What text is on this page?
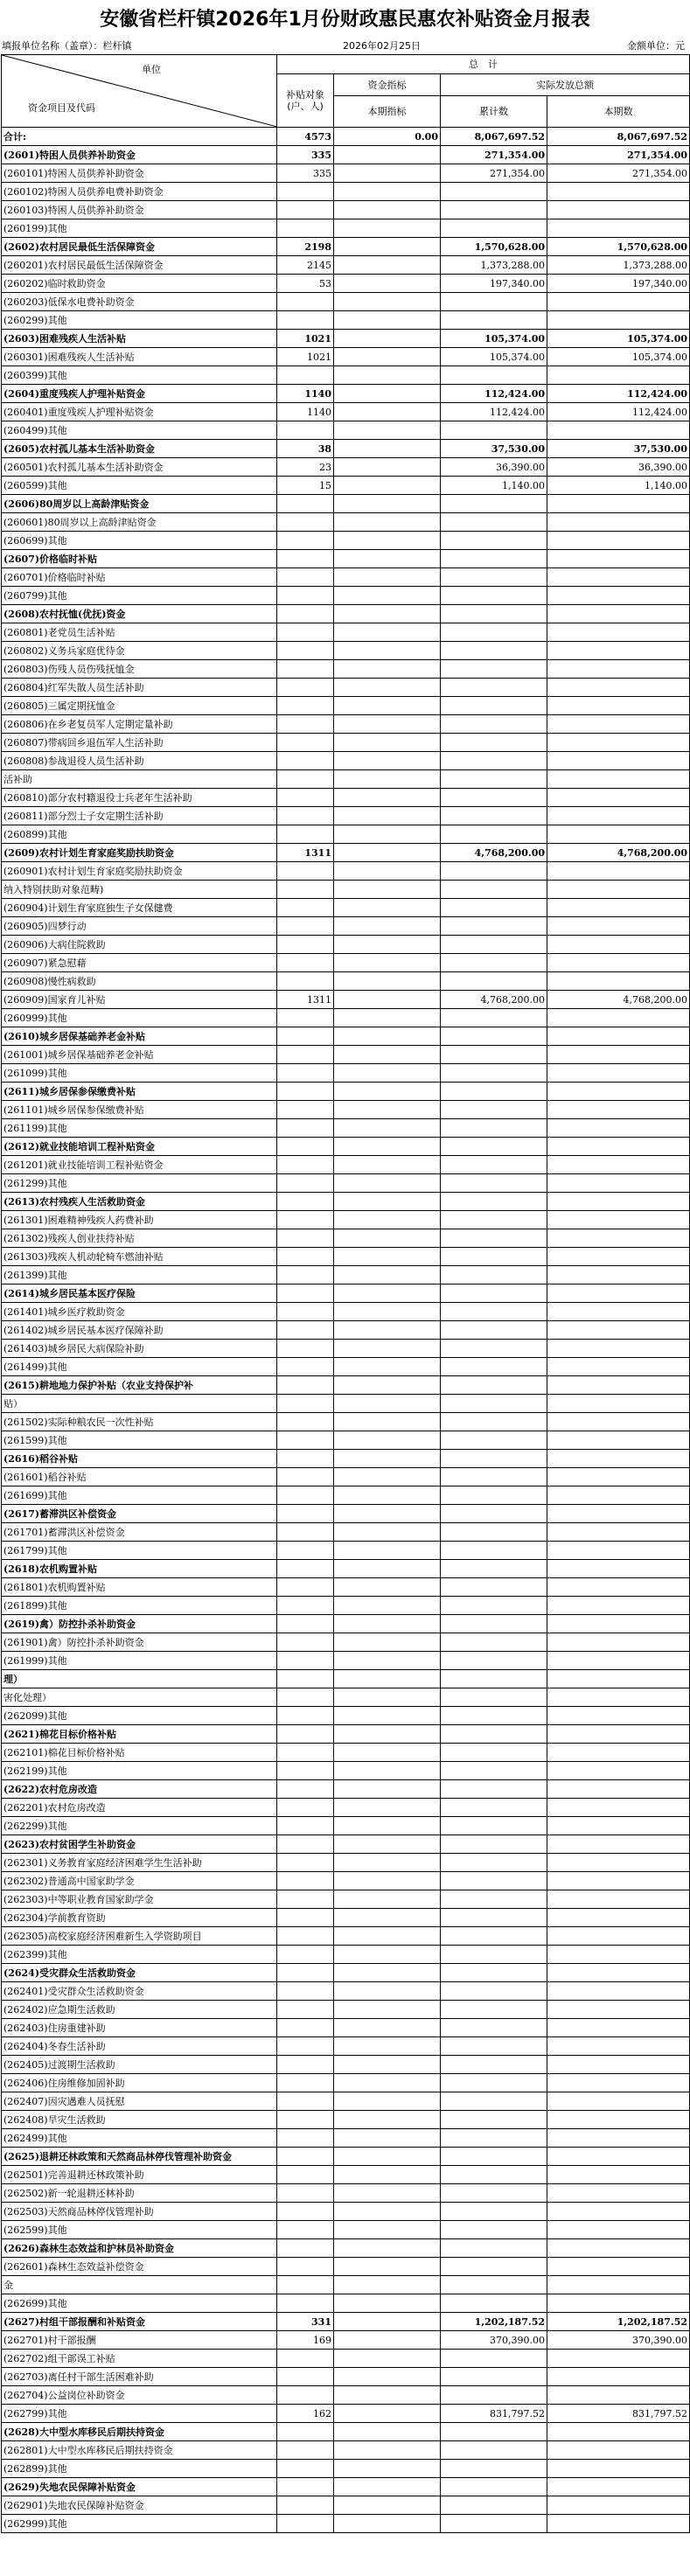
安徽省栏杆镇2026年1月份财政惠民惠农补贴资金月报表
填报单位名称（盖章）：栏杆镇	2026年02月25日	金额单位：元
单位
资金项目及代码	总　计			
	补贴对象(户、人)	资金指标	实际发放总额	
		本期指标	累计数	本期数
合计:	4573	0.00	8,067,697.52	8,067,697.52
(2601)特困人员供养补助资金	335		271,354.00	271,354.00
(260101)特困人员供养补助资金	335		271,354.00	271,354.00
(260102)特困人员供养电费补助资金				
(260103)特困人员供养补助资金				
(260199)其他				
(2602)农村居民最低生活保障资金	2198		1,570,628.00	1,570,628.00
(260201)农村居民最低生活保障资金	2145		1,373,288.00	1,373,288.00
(260202)临时救助资金	53		197,340.00	197,340.00
(260203)低保水电费补助资金				
(260299)其他				
(2603)困难残疾人生活补贴	1021		105,374.00	105,374.00
(260301)困难残疾人生活补贴	1021		105,374.00	105,374.00
(260399)其他				
(2604)重度残疾人护理补贴资金	1140		112,424.00	112,424.00
(260401)重度残疾人护理补贴资金	1140		112,424.00	112,424.00
(260499)其他				
(2605)农村孤儿基本生活补助资金	38		37,530.00	37,530.00
(260501)农村孤儿基本生活补助资金	23		36,390.00	36,390.00
(260599)其他	15		1,140.00	1,140.00
(2606)80周岁以上高龄津贴资金				
(260601)80周岁以上高龄津贴资金				
(260699)其他				
(2607)价格临时补贴				
(260701)价格临时补贴				
(260799)其他				
(2608)农村抚恤(优抚)资金				
(260801)老党员生活补贴				
(260802)义务兵家庭优待金				
(260803)伤残人员伤残抚恤金				
(260804)红军失散人员生活补助				
(260805)三属定期抚恤金				
(260806)在乡老复员军人定期定量补助				
(260807)带病回乡退伍军人生活补助				
(260808)参战退役人员生活补助				
活补助				
(260810)部分农村籍退役士兵老年生活补助				
(260811)部分烈士子女定期生活补助				
(260899)其他				
(2609)农村计划生育家庭奖励扶助资金	1311		4,768,200.00	4,768,200.00
(260901)农村计划生育家庭奖励扶助资金				
纳入特别扶助对象范畴)				
(260904)计划生育家庭独生子女保健费				
(260905)四梦行动				
(260906)大病住院救助				
(260907)紧急慰藉				
(260908)慢性病救助				
(260909)国家育儿补贴	1311		4,768,200.00	4,768,200.00
(260999)其他				
(2610)城乡居保基础养老金补贴				
(261001)城乡居保基础养老金补贴				
(261099)其他				
(2611)城乡居保参保缴费补贴				
(261101)城乡居保参保缴费补贴				
(261199)其他				
(2612)就业技能培训工程补贴资金				
(261201)就业技能培训工程补贴资金				
(261299)其他				
(2613)农村残疾人生活救助资金				
(261301)困难精神残疾人药费补助				
(261302)残疾人创业扶持补贴				
(261303)残疾人机动轮椅车燃油补贴				
(261399)其他				
(2614)城乡居民基本医疗保险				
(261401)城乡医疗救助资金				
(261402)城乡居民基本医疗保障补助				
(261403)城乡居民大病保险补助				
(261499)其他				
(2615)耕地地力保护补贴（农业支持保护补				
贴）				
(261502)实际种粮农民一次性补贴				
(261599)其他				
(2616)稻谷补贴				
(261601)稻谷补贴				
(261699)其他				
(2617)蓄滞洪区补偿资金				
(261701)蓄滞洪区补偿资金				
(261799)其他				
(2618)农机购置补贴				
(261801)农机购置补贴				
(261899)其他				
(2619)禽）防控扑杀补助资金				
(261901)禽）防控扑杀补助资金				
(261999)其他				
理）				
害化处理）				
(262099)其他				
(2621)棉花目标价格补贴				
(262101)棉花目标价格补贴				
(262199)其他				
(2622)农村危房改造				
(262201)农村危房改造				
(262299)其他				
(2623)农村贫困学生补助资金				
(262301)义务教育家庭经济困难学生生活补助				
(262302)普通高中国家助学金				
(262303)中等职业教育国家助学金				
(262304)学前教育资助				
(262305)高校家庭经济困难新生入学资助项目				
(262399)其他				
(2624)受灾群众生活救助资金				
(262401)受灾群众生活救助资金				
(262402)应急期生活救助				
(262403)住房重建补助				
(262404)冬春生活补助				
(262405)过渡期生活救助				
(262406)住房维修加固补助				
(262407)因灾遇难人员抚慰				
(262408)旱灾生活救助				
(262499)其他				
(2625)退耕还林政策和天然商品林停伐管理补助资金				
(262501)完善退耕还林政策补助				
(262502)新一轮退耕还林补助				
(262503)天然商品林停伐管理补助				
(262599)其他				
(2626)森林生态效益和护林员补助资金				
(262601)森林生态效益补偿资金				
金				
(262699)其他				
(2627)村组干部报酬和补贴资金	331		1,202,187.52	1,202,187.52
(262701)村干部报酬	169		370,390.00	370,390.00
(262702)组干部误工补贴				
(262703)离任村干部生活困难补助				
(262704)公益岗位补助资金				
(262799)其他	162		831,797.52	831,797.52
(2628)大中型水库移民后期扶持资金				
(262801)大中型水库移民后期扶持资金				
(262899)其他				
(2629)失地农民保障补贴资金				
(262901)失地农民保障补贴资金				
(262999)其他				
